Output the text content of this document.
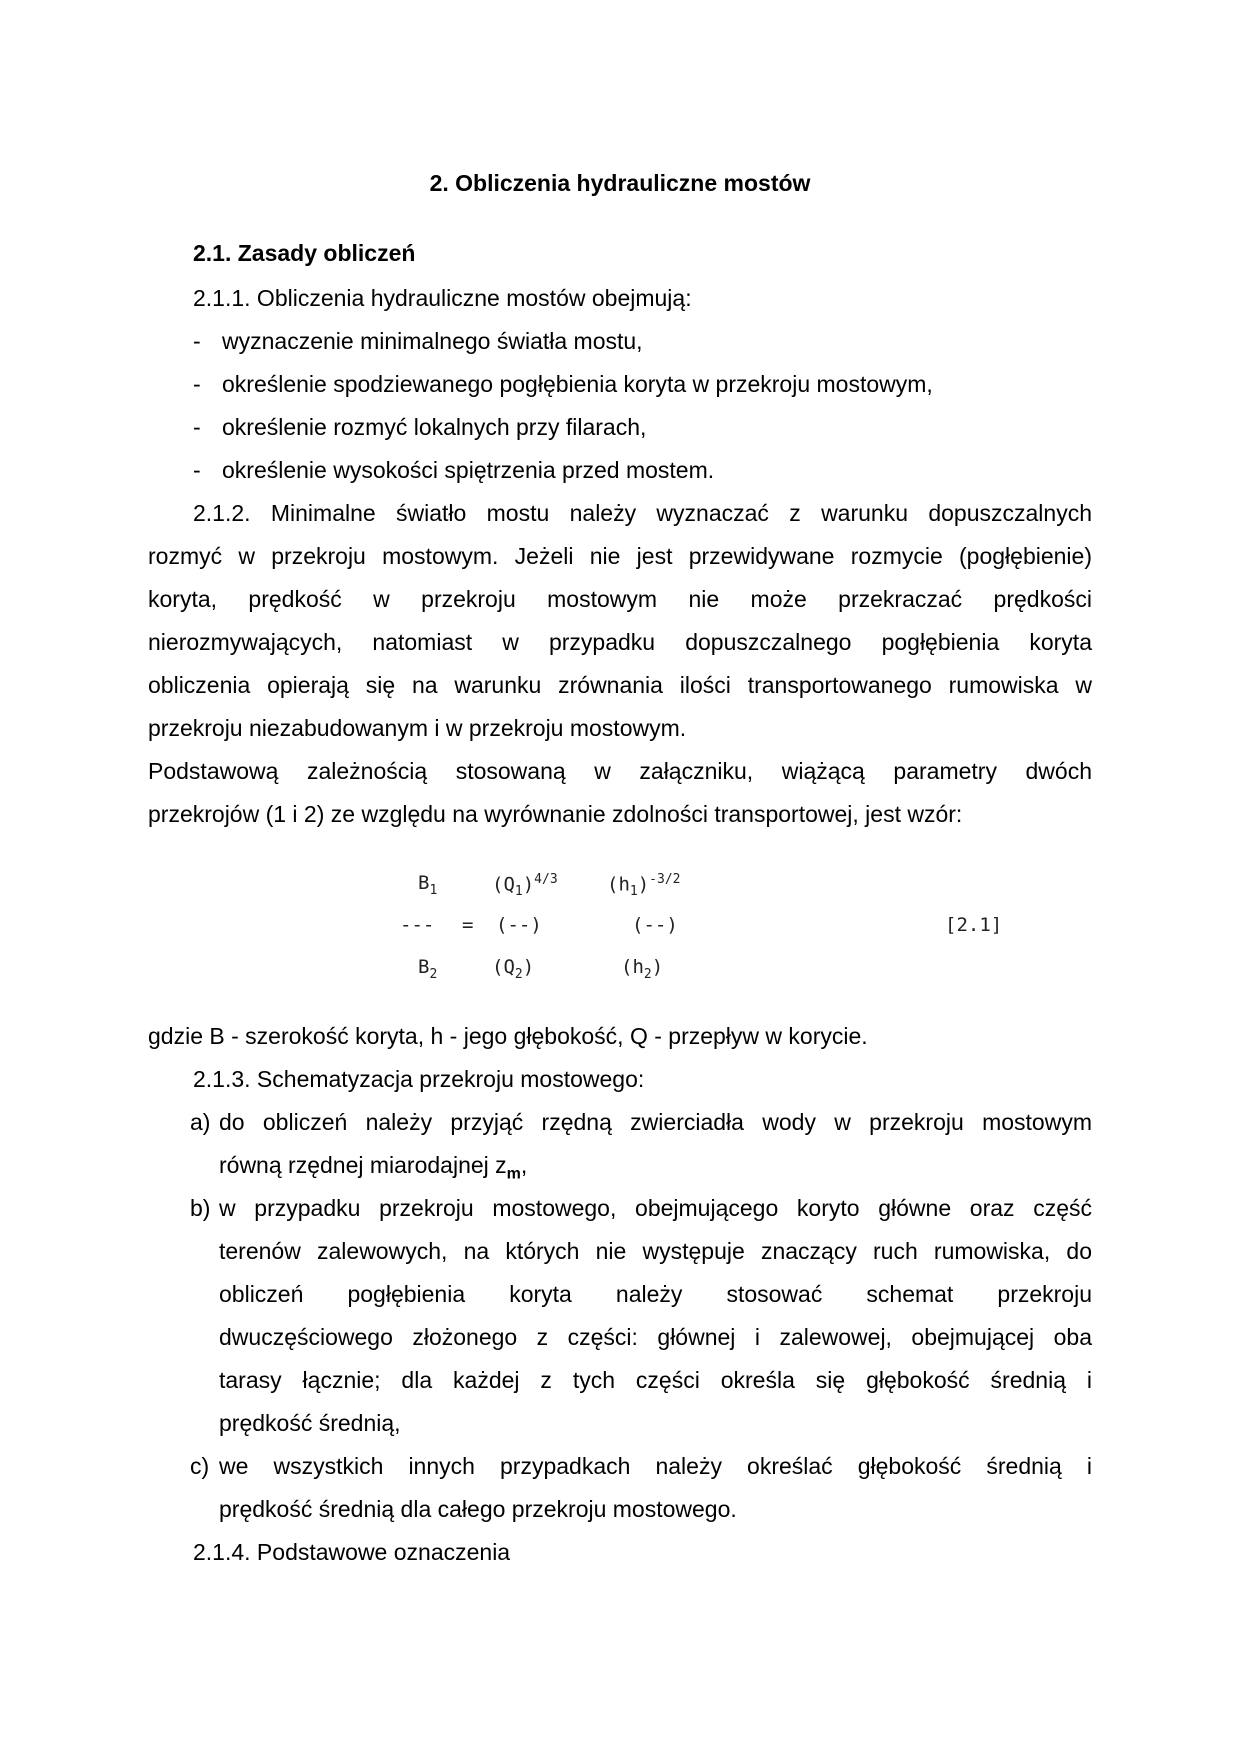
2. Obliczenia hydrauliczne mostów
2.1. Zasady obliczeń
2.1.1. Obliczenia hydrauliczne mostów obejmują:
- wyznaczenie minimalnego światła mostu,
- określenie spodziewanego pogłębienia koryta w przekroju mostowym,
- określenie rozmyć lokalnych przy filarach,
- określenie wysokości spiętrzenia przed mostem.
2.1.2. Minimalne światło mostu należy wyznaczać z warunku dopuszczalnych
rozmyć w przekroju mostowym. Jeżeli nie jest przewidywane rozmycie (pogłębienie)
koryta, prędkość w przekroju mostowym nie może przekraczać prędkości
nierozmywających, natomiast w przypadku dopuszczalnego pogłębienia koryta
obliczenia opierają się na warunku zrównania ilości transportowanego rumowiska w
przekroju niezabudowanym i w przekroju mostowym.
Podstawową zależnością stosowaną w załączniku, wiążącą parametry dwóch
przekrojów (1 i 2) ze względu na wyrównanie zdolności transportowej, jest wzór:
$B_1$	$(Q_1)^{4/3}$	$(h_1)^{-3/2}$
--- = (--)	(--)	[2.1]
$B_2$	$(Q_2)$	$(h_2)$
gdzie B - szerokość koryta, h - jego głębokość, Q - przepływ w korycie.
2.1.3. Schematyzacja przekroju mostowego:
a) do obliczeń należy przyjąć rzędną zwierciadła wody w przekroju mostowym
równą rzędnej miarodajnej $z_m$,
b) w przypadku przekroju mostowego, obejmującego koryto główne oraz część
terenów zalewowych, na których nie występuje znaczący ruch rumowiska, do
obliczeń pogłębienia koryta należy stosować schemat przekroju
dwuczęściowego złożonego z części: głównej i zalewowej, obejmującej oba
tarasy łącznie; dla każdej z tych części określa się głębokość średnią i
prędkość średnią,
c) we wszystkich innych przypadkach należy określać głębokość średnią i
prędkość średnią dla całego przekroju mostowego.
2.1.4. Podstawowe oznaczenia
